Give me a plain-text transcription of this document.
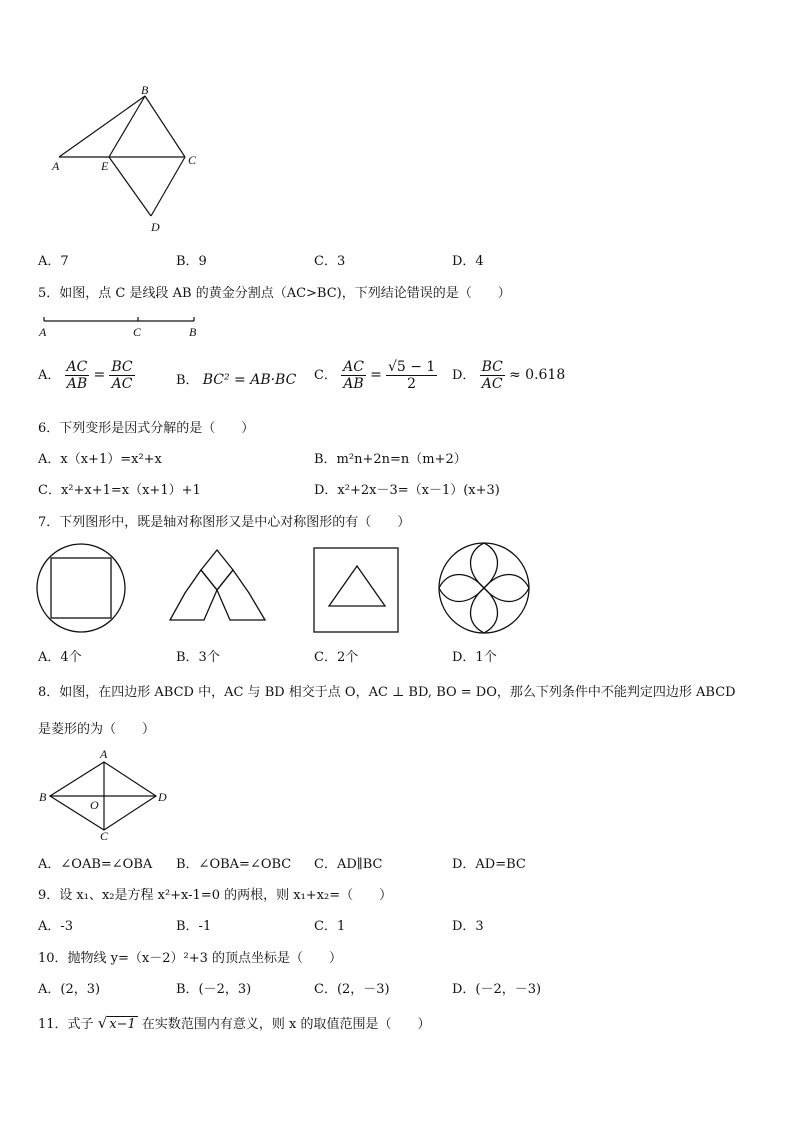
B
A	E	C
D
A．7	B．9	C．3	D．4
5．如图，点 C 是线段 AB 的黄金分割点（AC>BC)，下列结论错误的是（　　）
A	C	B
A． $\frac{AC}{AB} = \frac{BC}{AC}$	B． BC² = AB·BC C． $\frac{AC}{AB} = \frac{√5 - 1}{2}$ D． $\frac{BC}{AC} \approx 0.618$
6．下列变形是因式分解的是（　　）
A．x（x+1）=x²+x	B．m²n+2n=n（m+2）
C．x²+x+1=x（x+1）+1	D．x²+2x－3=（x－1）(x+3)
7．下列图形中，既是轴对称图形又是中心对称图形的有（　　）
A．4个	B．3个	C．2个	D．1个
8．如图，在四边形 ABCD 中，AC 与 BD 相交于点 O，AC ⊥ BD, BO = DO，那么下列条件中不能判定四边形 ABCD
是菱形的为（　　）
A
B
O
D
C
A．∠OAB=∠OBA B．∠OBA=∠OBC C．AD∥BC	D．AD=BC
9．设 x₁、x₂是方程 x²+x-1=0 的两根，则 x₁+x₂=（　　）
A．-3	B．-1	C．1	D．3
10．抛物线 y=（x－2）²+3 的顶点坐标是（　　）
A．(2，3)	B．(－2，3)	C．(2，－3)	D．(－2，－3)
11．式子 √ x−1 在实数范围内有意义，则 x 的取值范围是（　　）
